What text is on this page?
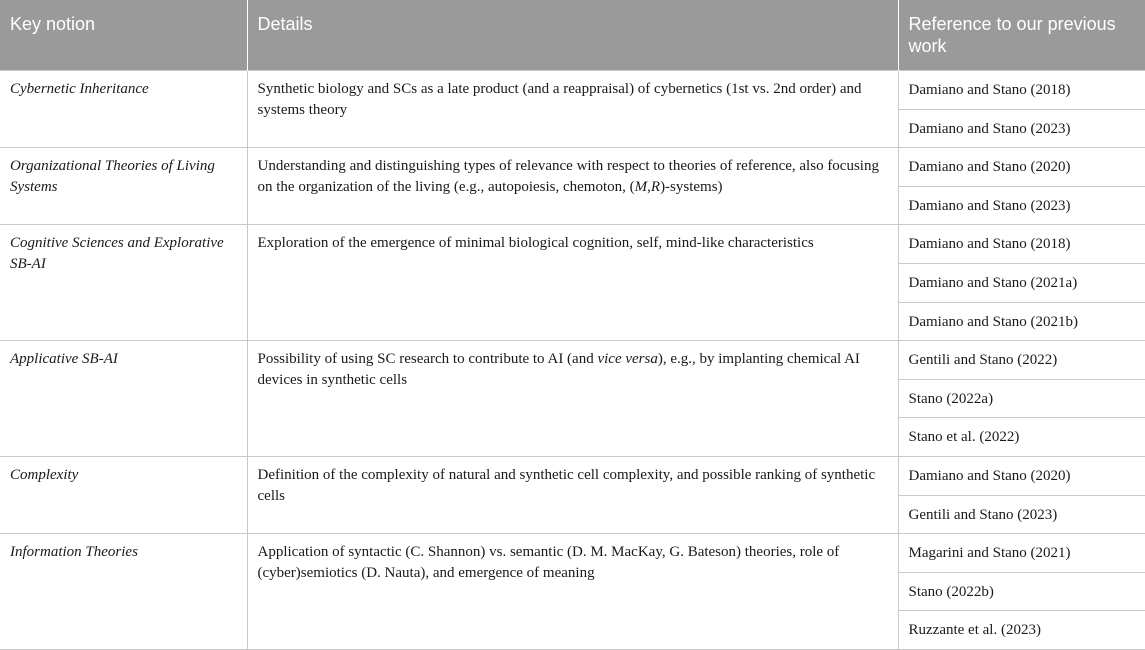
Key notion	Details	Reference to our previous work
Cybernetic Inheritance	Synthetic biology and SCs as a late product (and a reappraisal) of cybernetics (1st vs. 2nd order) and systems theory	Damiano and Stano (2018)
		Damiano and Stano (2023)
Organizational Theories of Living Systems	Understanding and distinguishing types of relevance with respect to theories of reference, also focusing on the organization of the living (e.g., autopoiesis, chemoton, (M,R)-systems)	Damiano and Stano (2020)
		Damiano and Stano (2023)
Cognitive Sciences and Explorative SB-AI	Exploration of the emergence of minimal biological cognition, self, mind-like characteristics	Damiano and Stano (2018)
		Damiano and Stano (2021a)
		Damiano and Stano (2021b)
Applicative SB-AI	Possibility of using SC research to contribute to AI (and vice versa), e.g., by implanting chemical AI devices in synthetic cells	Gentili and Stano (2022)
		Stano (2022a)
		Stano et al. (2022)
Complexity	Definition of the complexity of natural and synthetic cell complexity, and possible ranking of synthetic cells	Damiano and Stano (2020)
		Gentili and Stano (2023)
Information Theories	Application of syntactic (C. Shannon) vs. semantic (D. M. MacKay, G. Bateson) theories, role of (cyber)semiotics (D. Nauta), and emergence of meaning	Magarini and Stano (2021)
		Stano (2022b)
		Ruzzante et al. (2023)
